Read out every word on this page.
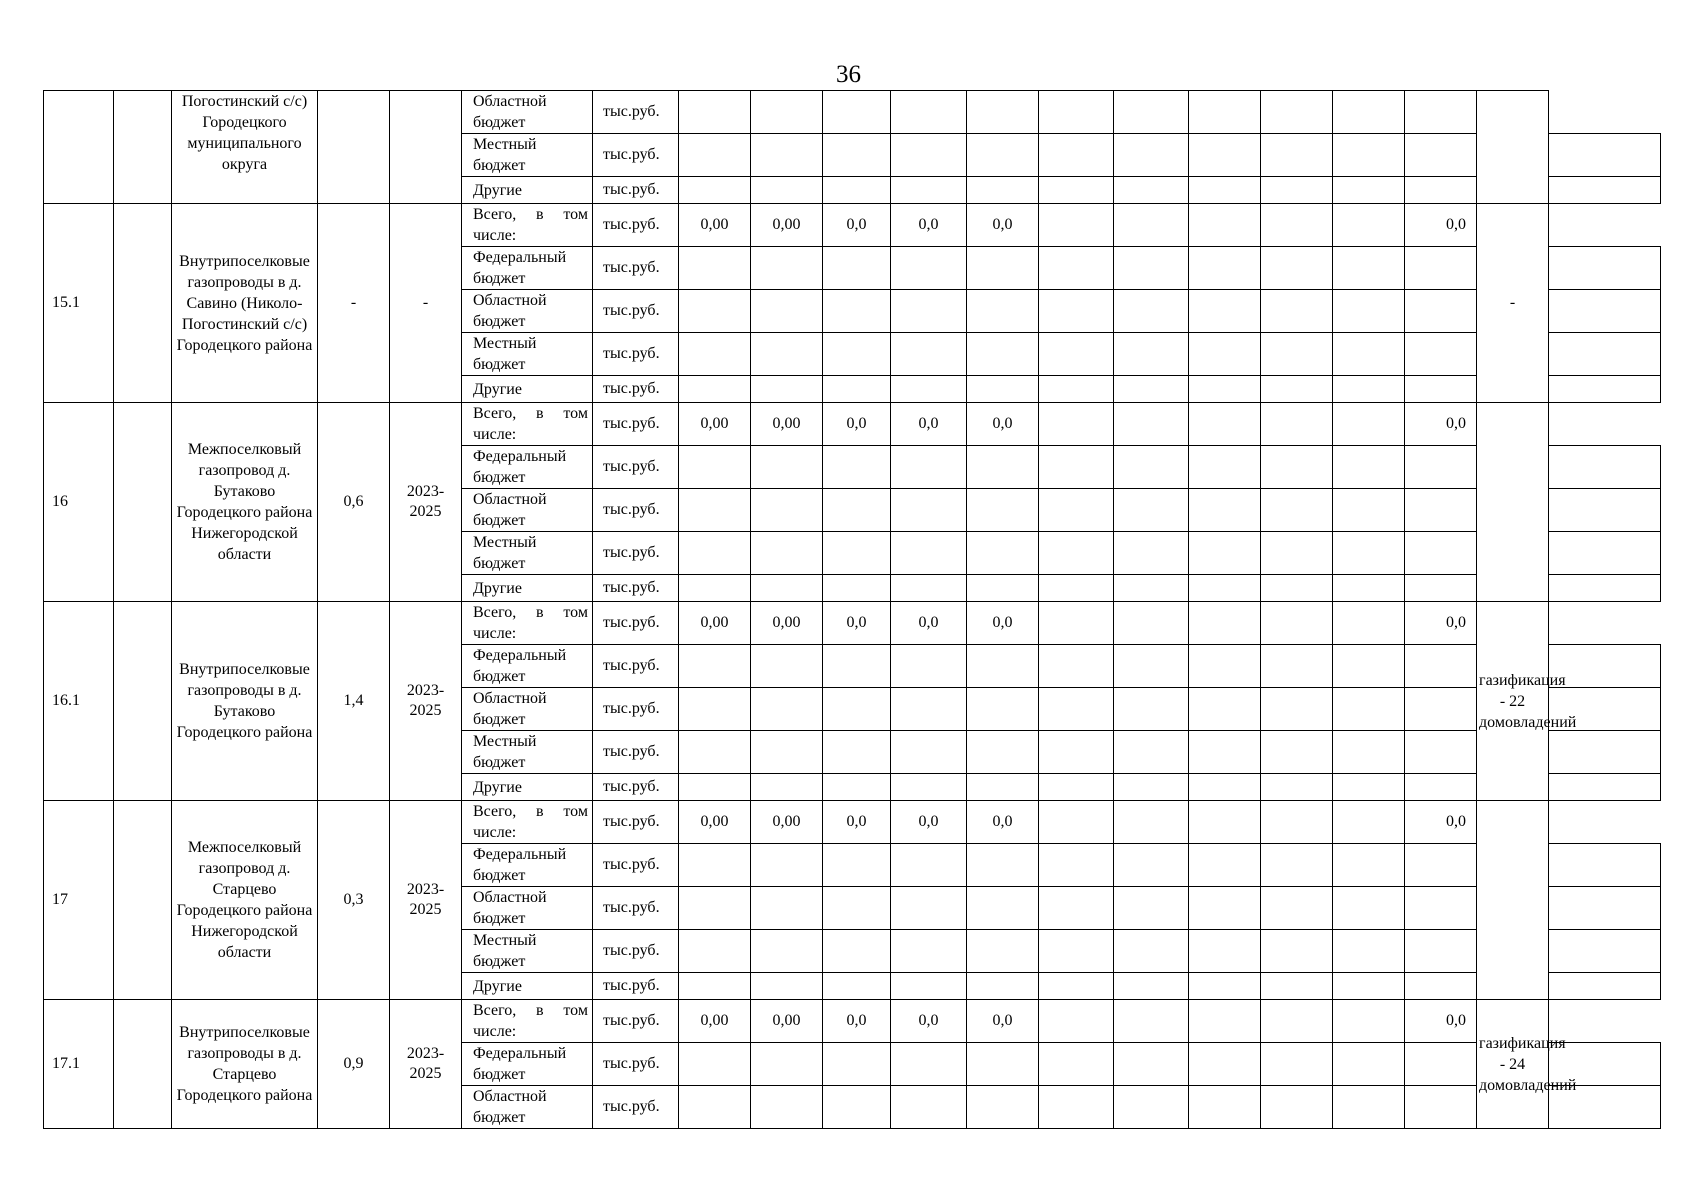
36
		Погостинский с/с) Городецкого муниципального округа			Областной бюджет	тыс.руб.													
					Местный бюджет	тыс.руб.													
					Другие	тыс.руб.													
15.1		Внутрипоселковые газопроводы в д. Савино (Николо-Погостинский с/с) Городецкого района	-	-	Всего, в том числе:	тыс.руб.	0,00	0,00	0,0	0,0	0,0						0,0	-	
					Федеральный бюджет	тыс.руб.													
					Областной бюджет	тыс.руб.													
					Местный бюджет	тыс.руб.													
					Другие	тыс.руб.													
16		Межпоселковый газопровод д. Бутаково Городецкого района Нижегородской области	0,6	2023-2025	Всего, в том числе:	тыс.руб.	0,00	0,00	0,0	0,0	0,0						0,0		
					Федеральный бюджет	тыс.руб.													
					Областной бюджет	тыс.руб.													
					Местный бюджет	тыс.руб.													
					Другие	тыс.руб.													
16.1		Внутрипоселковые газопроводы в д. Бутаково Городецкого района	1,4	2023-2025	Всего, в том числе:	тыс.руб.	0,00	0,00	0,0	0,0	0,0						0,0	газификация - 22 домовладений	
					Федеральный бюджет	тыс.руб.													
					Областной бюджет	тыс.руб.													
					Местный бюджет	тыс.руб.													
					Другие	тыс.руб.													
17		Межпоселковый газопровод д. Старцево Городецкого района Нижегородской области	0,3	2023-2025	Всего, в том числе:	тыс.руб.	0,00	0,00	0,0	0,0	0,0						0,0		
					Федеральный бюджет	тыс.руб.													
					Областной бюджет	тыс.руб.													
					Местный бюджет	тыс.руб.													
					Другие	тыс.руб.													
17.1		Внутрипоселковые газопроводы в д. Старцево Городецкого района	0,9	2023-2025	Всего, в том числе:	тыс.руб.	0,00	0,00	0,0	0,0	0,0						0,0	газификация - 24 домовладений	
					Федеральный бюджет	тыс.руб.													
					Областной бюджет	тыс.руб.													
